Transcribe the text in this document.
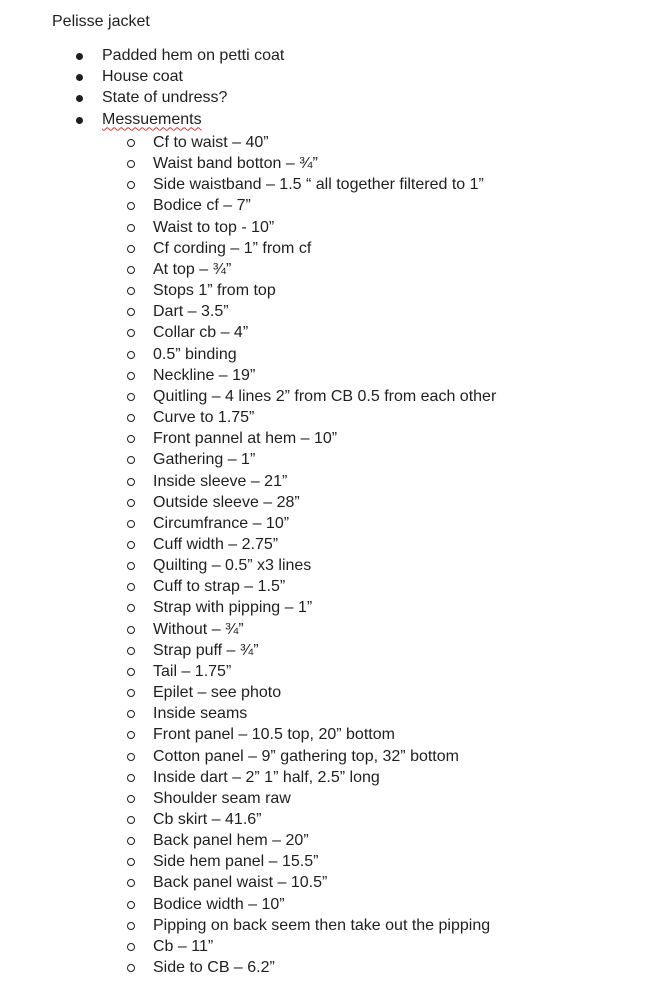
Pelisse jacket
Padded hem on petti coat
House coat
State of undress?
Messuements
Cf to waist – 40”
Waist band botton – ¾”
Side waistband – 1.5 “ all together filtered to 1”
Bodice cf – 7”
Waist to top - 10”
Cf cording – 1” from cf
At top – ¾”
Stops 1” from top
Dart – 3.5”
Collar cb – 4”
0.5” binding
Neckline – 19”
Quitling – 4 lines 2” from CB 0.5 from each other
Curve to 1.75”
Front pannel at hem – 10”
Gathering – 1”
Inside sleeve – 21”
Outside sleeve – 28”
Circumfrance – 10”
Cuff width – 2.75”
Quilting – 0.5” x3 lines
Cuff to strap – 1.5”
Strap with pipping – 1”
Without – ¾”
Strap puff – ¾”
Tail – 1.75”
Epilet – see photo
Inside seams
Front panel – 10.5 top, 20” bottom
Cotton panel – 9” gathering top, 32” bottom
Inside dart – 2” 1” half, 2.5” long
Shoulder seam raw
Cb skirt – 41.6”
Back panel hem – 20”
Side hem panel – 15.5”
Back panel waist – 10.5”
Bodice width – 10”
Pipping on back seem then take out the pipping
Cb – 11”
Side to CB – 6.2”
